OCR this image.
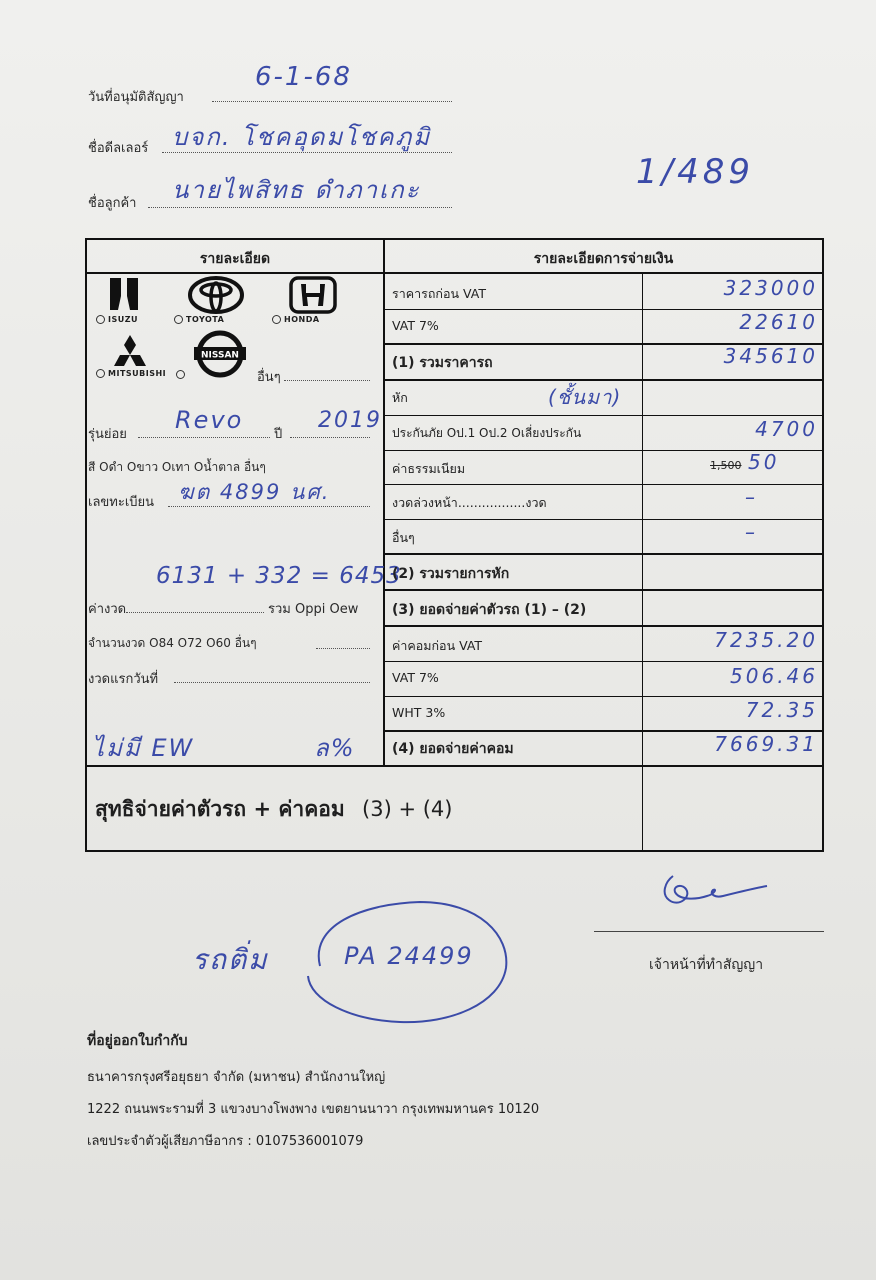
วันที่อนุมัติสัญญา
6-1-68
ชื่อดีลเลอร์ บจก. โชคอุดมโชคภูมิ
ชื่อลูกค้า นายไพสิทธ ดำภาเกะ	1/489
รายละเอียด	รายละเอียดการจ่ายเงิน
ISUZU	TOYOTA	HONDA
MITSUBISHI
NISSAN
อื่นๆ
รุ่นย่อย
Revo
ปี
2019
สี Oดำ Oขาว Oเทา Oน้ำตาล อื่นๆ
เลขทะเบียน ฆต 4899 นศ.
6131 + 332 = 6453
ค่างวด	รวม Oppi Oew
จำนวนงวด O84 O72 O60 อื่นๆ
งวดแรกวันที่
ไม่มี EW	ล%
ราคารถก่อน VAT	323000
VAT 7%	22610
(1) รวมราคารถ	345610
หัก	(ชั้นมา)
ประกันภัย Oป.1 Oป.2 Oเลี่ยงประกัน	4700
ค่าธรรมเนียม	1,500 50
งวดล่วงหน้า.................งวด	–
อื่นๆ	–
(2) รวมรายการหัก
(3) ยอดจ่ายค่าตัวรถ (1) – (2)
ค่าคอมก่อน VAT	7235.20
VAT 7%	506.46
WHT 3%	72.35
(4) ยอดจ่ายค่าคอม	7669.31
สุทธิจ่ายค่าตัวรถ + ค่าคอม (3) + (4)
เจ้าหน้าที่ทำสัญญา
รถติ่ม	PA 24499
ที่อยู่ออกใบกำกับ
ธนาคารกรุงศรีอยุธยา จำกัด (มหาชน) สำนักงานใหญ่
1222 ถนนพระรามที่ 3 แขวงบางโพงพาง เขตยานนาวา กรุงเทพมหานคร 10120
เลขประจำตัวผู้เสียภาษีอากร : 0107536001079
